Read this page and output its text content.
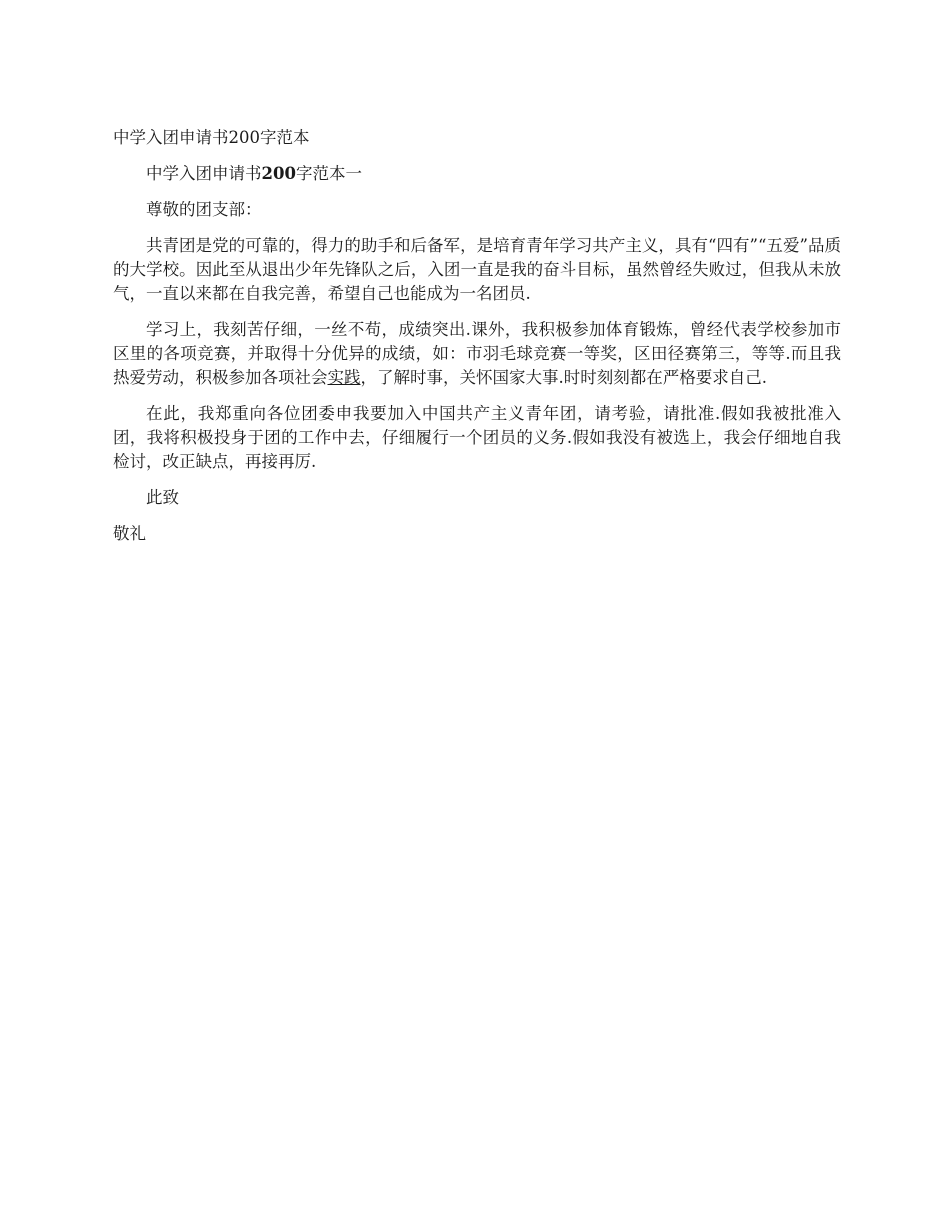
中学入团申请书200字范本

中学入团申请书200字范本一

尊敬的团支部：

共青团是党的可靠的，得力的助手和后备军，是培育青年学习共产主义，具有“四有”“五爱”品质的大学校。因此至从退出少年先锋队之后，入团一直是我的奋斗目标，虽然曾经失败过，但我从未放气，一直以来都在自我完善，希望自己也能成为一名团员.

学习上，我刻苦仔细，一丝不苟，成绩突出.课外，我积极参加体育锻炼，曾经代表学校参加市区里的各项竞赛，并取得十分优异的成绩，如：市羽毛球竞赛一等奖，区田径赛第三，等等.而且我热爱劳动，积极参加各项社会实践，了解时事，关怀国家大事.时时刻刻都在严格要求自己.

在此，我郑重向各位团委申我要加入中国共产主义青年团，请考验，请批准.假如我被批准入团，我将积极投身于团的工作中去，仔细履行一个团员的义务.假如我没有被选上，我会仔细地自我检讨，改正缺点，再接再厉.

此致

敬礼
